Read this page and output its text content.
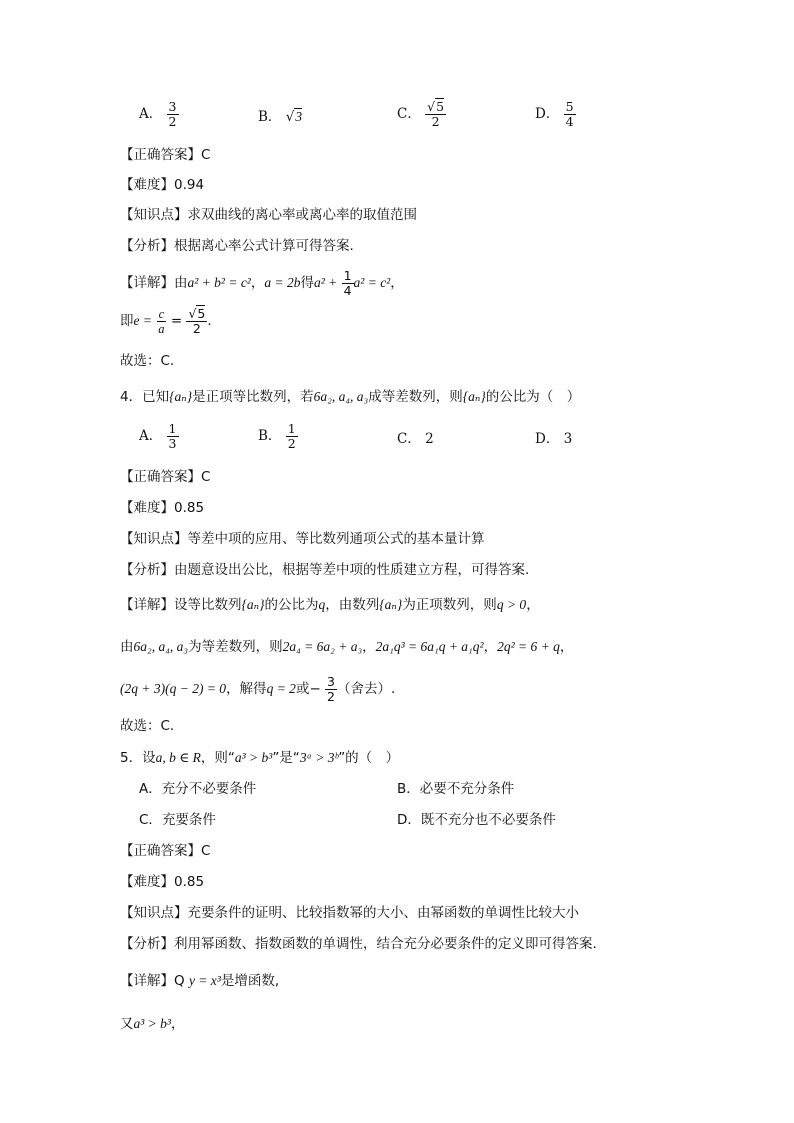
A． $\frac{3}{2}$	B． √3	C． $\frac{√5}{2}$	D． $\frac{5}{4}$
【正确答案】C
【难度】0.94
【知识点】求双曲线的离心率或离心率的取值范围
【分析】根据离心率公式计算可得答案.
【详解】由a² + b² = c²，a = 2b得$a^2 + \frac{1}{4} a^2 = c^2$，
即$e = \frac{c}{a} = \frac{√5}{2}$ .
故选：C.
4．已知{aₙ}是正项等比数列，若6a₂, a₄, a₃成等差数列，则{aₙ}的公比为（　）
A． $\frac{1}{3}$	B． $\frac{1}{2}$	C． 2	D． 3
【正确答案】C
【难度】0.85
【知识点】等差中项的应用、等比数列通项公式的基本量计算
【分析】由题意设出公比，根据等差中项的性质建立方程，可得答案.
【详解】设等比数列{aₙ}的公比为q，由数列{aₙ}为正项数列，则q > 0，
由6a₂, a₄, a₃为等差数列，则2a₄ = 6a₂ + a₃，2a₁q³ = 6a₁q + a₁q²，2q² = 6 + q，
(2q + 3)(q − 2) = 0，解得q = 2或− $\frac{3}{2}$ （舍去）.
故选：C.
5．设a, b ∈ R，则“a³ > b³”是“3ᵃ > 3ᵇ”的（　）
A．充分不必要条件	B．必要不充分条件
C．充要条件	D．既不充分也不必要条件
【正确答案】C
【难度】0.85
【知识点】充要条件的证明、比较指数幂的大小、由幂函数的单调性比较大小
【分析】利用幂函数、指数函数的单调性，结合充分必要条件的定义即可得答案.
【详解】Q y = x³是增函数,
又a³ > b³，
